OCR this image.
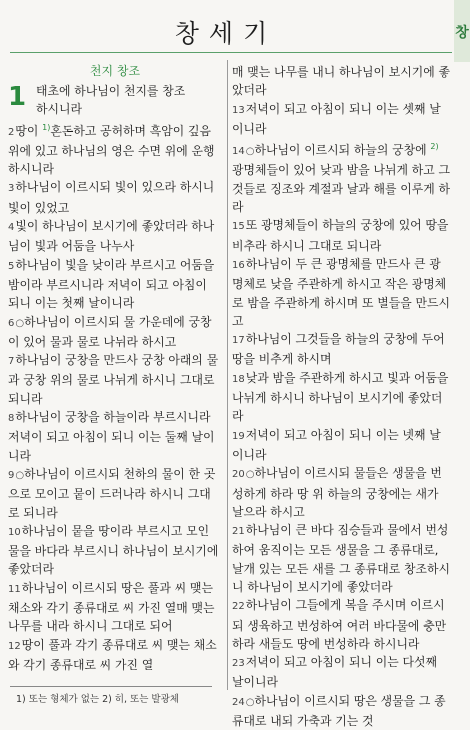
창세기	창
천지 창조

1 태초에 하나님이 천지를 창조
하시니라

2땅이 $^{1)}$혼돈하고 공허하며 흑암이 깊음 위에 있고 하나님의 영은 수면 위에 운행하시니라

3하나님이 이르시되 빛이 있으라 하시니 빛이 있었고

4빛이 하나님이 보시기에 좋았더라 하나님이 빛과 어둠을 나누사

5하나님이 빛을 낮이라 부르시고 어둠을 밤이라 부르시니라 저녁이 되고 아침이 되니 이는 첫째 날이니라

6○하나님이 이르시되 물 가운데에 궁창이 있어 물과 물로 나뉘라 하시고

7하나님이 궁창을 만드사 궁창 아래의 물과 궁창 위의 물로 나뉘게 하시니 그대로 되니라

8하나님이 궁창을 하늘이라 부르시니라 저녁이 되고 아침이 되니 이는 둘째 날이니라

9○하나님이 이르시되 천하의 물이 한 곳으로 모이고 뭍이 드러나라 하시니 그대로 되니라

10하나님이 뭍을 땅이라 부르시고 모인 물을 바다라 부르시니 하나님이 보시기에 좋았더라

11하나님이 이르시되 땅은 풀과 씨 맺는 채소와 각기 종류대로 씨 가진 열매 맺는 나무를 내라 하시니 그대로 되어

12땅이 풀과 각기 종류대로 씨 맺는 채소와 각기 종류대로 씨 가진 열

매 맺는 나무를 내니 하나님이 보시기에 좋았더라

13저녁이 되고 아침이 되니 이는 셋째 날이니라

14○하나님이 이르시되 하늘의 궁창에 $^{2)}$광명체들이 있어 낮과 밤을 나뉘게 하고 그것들로 징조와 계절과 날과 해를 이루게 하라

15또 광명체들이 하늘의 궁창에 있어 땅을 비추라 하시니 그대로 되니라

16하나님이 두 큰 광명체를 만드사 큰 광명체로 낮을 주관하게 하시고 작은 광명체로 밤을 주관하게 하시며 또 별들을 만드시고

17하나님이 그것들을 하늘의 궁창에 두어 땅을 비추게 하시며

18낮과 밤을 주관하게 하시고 빛과 어둠을 나뉘게 하시니 하나님이 보시기에 좋았더라

19저녁이 되고 아침이 되니 이는 넷째 날이니라

20○하나님이 이르시되 물들은 생물을 번성하게 하라 땅 위 하늘의 궁창에는 새가 날으라 하시고

21하나님이 큰 바다 짐승들과 물에서 번성하여 움직이는 모든 생물을 그 종류대로, 날개 있는 모든 새를 그 종류대로 창조하시니 하나님이 보시기에 좋았더라

22하나님이 그들에게 복을 주시며 이르시되 생육하고 번성하여 여러 바다물에 충만하라 새들도 땅에 번성하라 하시니라

23저녁이 되고 아침이 되니 이는 다섯째 날이니라

24○하나님이 이르시되 땅은 생물을 그 종류대로 내되 가축과 기는 것

1) 또는 형체가 없는 2) 히, 또는 발광체
